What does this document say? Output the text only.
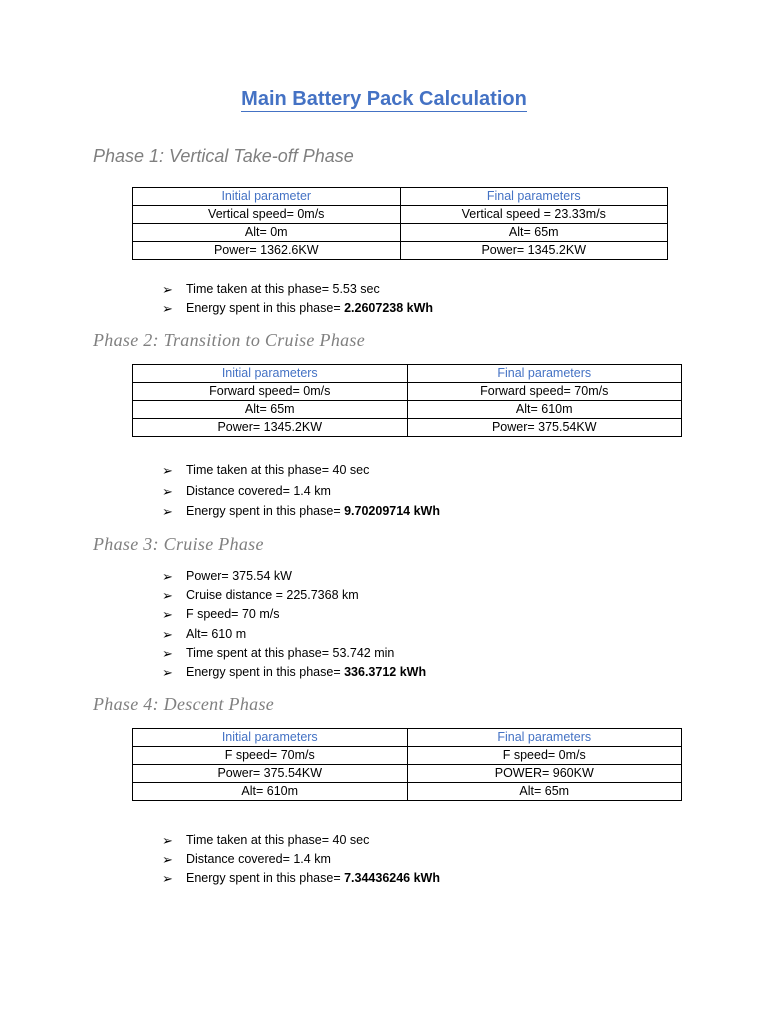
Main Battery Pack Calculation
Phase 1: Vertical Take-off Phase
Initial parameter	Final parameters
Vertical speed= 0m/s	Vertical speed = 23.33m/s
Alt= 0m	Alt= 65m
Power= 1362.6KW	Power= 1345.2KW
➢ Time taken at this phase= 5.53 sec
➢ Energy spent in this phase= 2.2607238 kWh
Phase 2: Transition to Cruise Phase
Initial parameters	Final parameters
Forward speed= 0m/s	Forward speed= 70m/s
Alt= 65m	Alt= 610m
Power= 1345.2KW	Power= 375.54KW
➢ Time taken at this phase= 40 sec
➢ Distance covered= 1.4 km
➢ Energy spent in this phase= 9.70209714 kWh
Phase 3: Cruise Phase
➢ Power= 375.54 kW
➢ Cruise distance = 225.7368 km
➢ F speed= 70 m/s
➢ Alt= 610 m
➢ Time spent at this phase= 53.742 min
➢ Energy spent in this phase= 336.3712 kWh
Phase 4: Descent Phase
Initial parameters	Final parameters
F speed= 70m/s	F speed= 0m/s
Power= 375.54KW	POWER= 960KW
Alt= 610m	Alt= 65m
➢ Time taken at this phase= 40 sec
➢ Distance covered= 1.4 km
➢ Energy spent in this phase= 7.34436246 kWh
